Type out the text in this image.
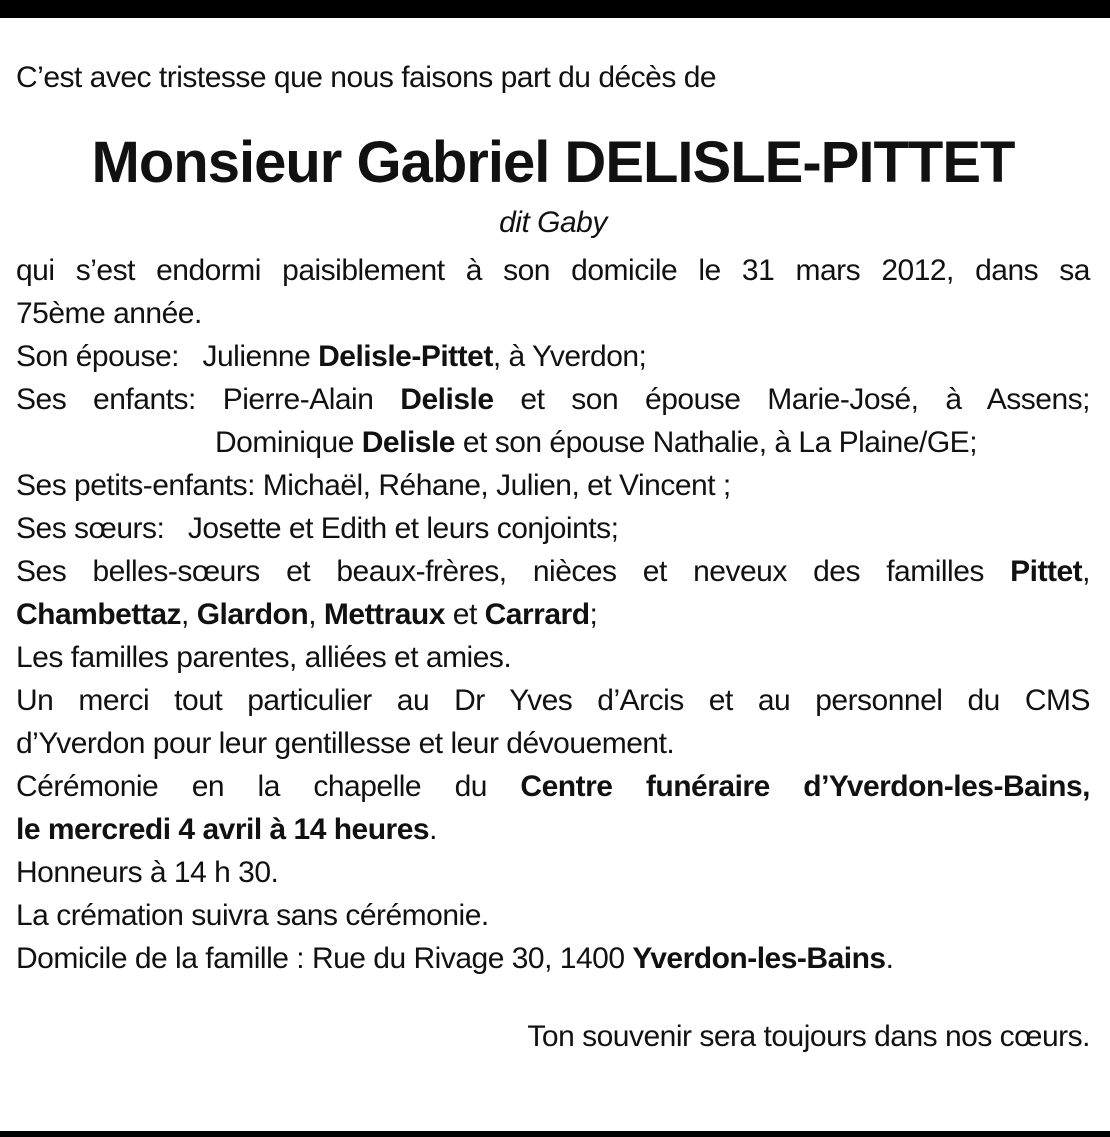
C’est avec tristesse que nous faisons part du décès de

Monsieur Gabriel DELISLE-PITTET

dit Gaby

qui s’est endormi paisiblement à son domicile le 31 mars 2012, dans sa

75ème année.

Son épouse: Julienne Delisle-Pittet, à Yverdon;

Ses enfants: Pierre-Alain Delisle et son épouse Marie-José, à Assens;

Dominique Delisle et son épouse Nathalie, à La Plaine/GE;

Ses petits-enfants: Michaël, Réhane, Julien, et Vincent ;

Ses sœurs: Josette et Edith et leurs conjoints;

Ses belles-sœurs et beaux-frères, nièces et neveux des familles Pittet, Chambettaz, Glardon, Mettraux et Carrard;

Les familles parentes, alliées et amies.

Un merci tout particulier au Dr Yves d’Arcis et au personnel du CMS

d’Yverdon pour leur gentillesse et leur dévouement.

Cérémonie en la chapelle du Centre funéraire d’Yverdon-les-Bains,

le mercredi 4 avril à 14 heures.

Honneurs à 14 h 30.

La crémation suivra sans cérémonie.

Domicile de la famille : Rue du Rivage 30, 1400 Yverdon-les-Bains.

Ton souvenir sera toujours dans nos cœurs.
